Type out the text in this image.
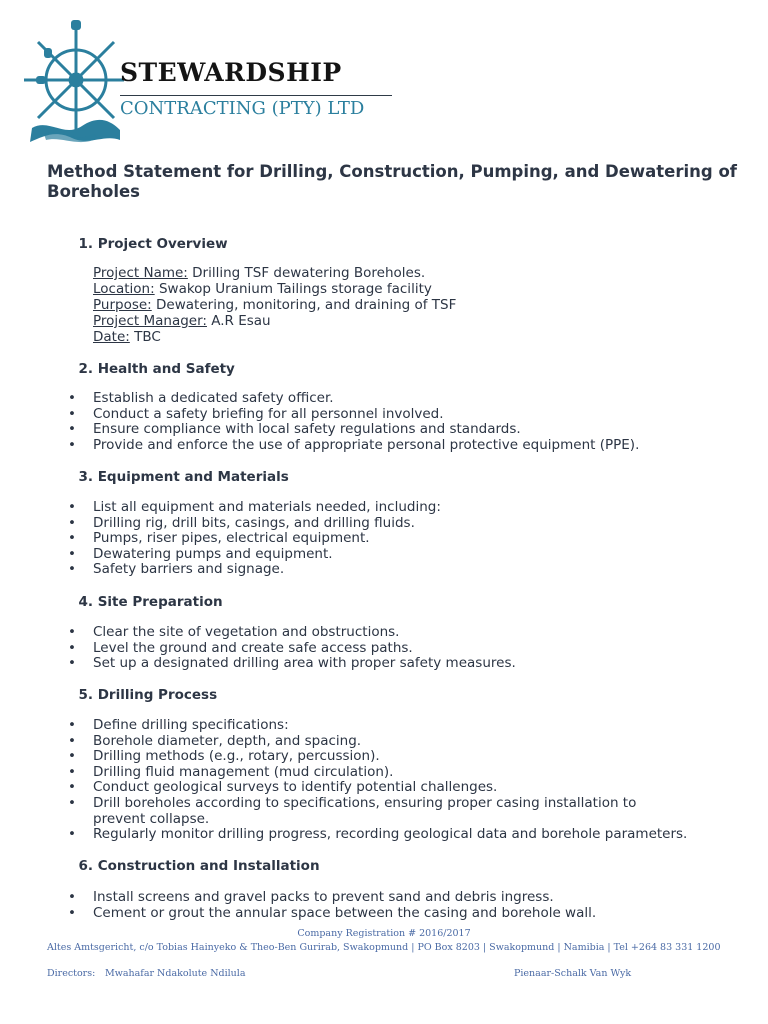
STEWARDSHIP
CONTRACTING (PTY) LTD
Method Statement for Drilling, Construction, Pumping, and Dewatering of Boreholes
1. Project Overview
Project Name: Drilling TSF dewatering Boreholes.
Location: Swakop Uranium Tailings storage facility
Purpose: Dewatering, monitoring, and draining of TSF
Project Manager: A.R Esau
Date: TBC
2. Health and Safety
• Establish a dedicated safety officer.
• Conduct a safety briefing for all personnel involved.
• Ensure compliance with local safety regulations and standards.
• Provide and enforce the use of appropriate personal protective equipment (PPE).
3. Equipment and Materials
• List all equipment and materials needed, including:
• Drilling rig, drill bits, casings, and drilling fluids.
• Pumps, riser pipes, electrical equipment.
• Dewatering pumps and equipment.
• Safety barriers and signage.
4. Site Preparation
• Clear the site of vegetation and obstructions.
• Level the ground and create safe access paths.
• Set up a designated drilling area with proper safety measures.
5. Drilling Process
• Define drilling specifications:
• Borehole diameter, depth, and spacing.
• Drilling methods (e.g., rotary, percussion).
• Drilling fluid management (mud circulation).
• Conduct geological surveys to identify potential challenges.
• Drill boreholes according to specifications, ensuring proper casing installation to prevent collapse.
• Regularly monitor drilling progress, recording geological data and borehole parameters.
6. Construction and Installation
• Install screens and gravel packs to prevent sand and debris ingress.
• Cement or grout the annular space between the casing and borehole wall.
Company Registration # 2016/2017
Altes Amtsgericht, c/o Tobias Hainyeko & Theo-Ben Gurirab, Swakopmund | PO Box 8203 | Swakopmund | Namibia | Tel +264 83 331 1200
Directors: Mwahafar Ndakolute Ndilula	Pienaar-Schalk Van Wyk
